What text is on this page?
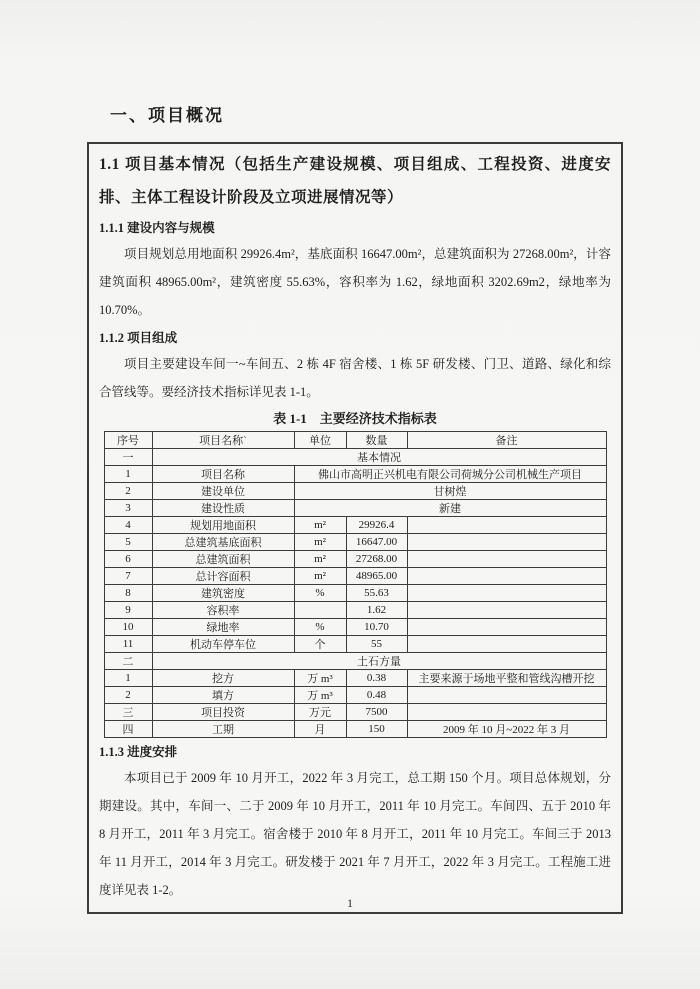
一、项目概况
1.1 项目基本情况（包括生产建设规模、项目组成、工程投资、进度安排、主体工程设计阶段及立项进展情况等）
1.1.1 建设内容与规模

项目规划总用地面积 29926.4m²，基底面积 16647.00m²，总建筑面积为 27268.00m²，计容建筑面积 48965.00m²，建筑密度 55.63%，容积率为 1.62，绿地面积 3202.69m2，绿地率为 10.70%。

1.1.2 项目组成

项目主要建设车间一~车间五、2 栋 4F 宿舍楼、1 栋 5F 研发楼、门卫、道路、绿化和综合管线等。要经济技术指标详见表 1-1。

表 1-1　主要经济技术指标表
序号	项目名称`	单位	数量	备注
一	基本情况			
1	项目名称	佛山市高明正兴机电有限公司荷城分公司机械生产项目		
2	建设单位	甘树煌		
3	建设性质	新建		
4	规划用地面积	m²	29926.4	
5	总建筑基底面积	m²	16647.00	
6	总建筑面积	m²	27268.00	
7	总计容面积	m²	48965.00	
8	建筑密度	%	55.63	
9	容积率		1.62	
10	绿地率	%	10.70	
11	机动车停车位	个	55	
二	土石方量			
1	挖方	万 m³	0.38	主要来源于场地平整和管线沟槽开挖
2	填方	万 m³	0.48	
三	项目投资	万元	7500	
四	工期	月	150	2009 年 10 月~2022 年 3 月
1.1.3 进度安排

本项目已于 2009 年 10 月开工，2022 年 3 月完工，总工期 150 个月。项目总体规划，分期建设。其中，车间一、二于 2009 年 10 月开工，2011 年 10 月完工。车间四、五于 2010 年 8 月开工，2011 年 3 月完工。宿舍楼于 2010 年 8 月开工，2011 年 10 月完工。车间三于 2013 年 11 月开工，2014 年 3 月完工。研发楼于 2021 年 7 月开工，2022 年 3 月完工。工程施工进度详见表 1-2。

1
